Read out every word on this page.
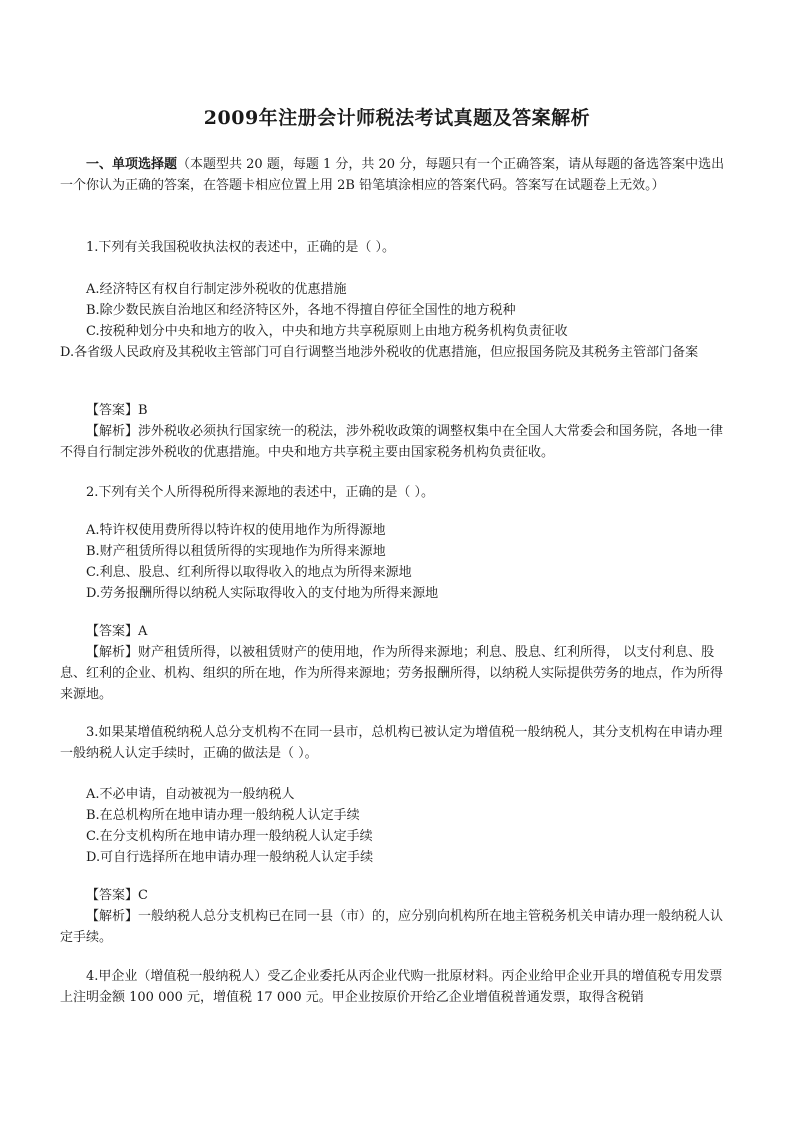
2009年注册会计师税法考试真题及答案解析

一、单项选择题（本题型共 20 题，每题 1 分，共 20 分，每题只有一个正确答案，请从每题的备选答案中选出一个你认为正确的答案，在答题卡相应位置上用 2B 铅笔填涂相应的答案代码。答案写在试题卷上无效。）

1.下列有关我国税收执法权的表述中，正确的是（ ）。

A.经济特区有权自行制定涉外税收的优惠措施
B.除少数民族自治地区和经济特区外，各地不得擅自停征全国性的地方税种
C.按税种划分中央和地方的收入，中央和地方共享税原则上由地方税务机构负责征收
D.各省级人民政府及其税收主管部门可自行调整当地涉外税收的优惠措施，但应报国务院及其税务主管部门备案

【答案】B

【解析】涉外税收必须执行国家统一的税法，涉外税收政策的调整权集中在全国人大常委会和国务院，各地一律不得自行制定涉外税收的优惠措施。中央和地方共享税主要由国家税务机构负责征收。

2.下列有关个人所得税所得来源地的表述中，正确的是（ ）。

A.特许权使用费所得以特许权的使用地作为所得源地
B.财产租赁所得以租赁所得的实现地作为所得来源地
C.利息、股息、红利所得以取得收入的地点为所得来源地
D.劳务报酬所得以纳税人实际取得收入的支付地为所得来源地

【答案】A

【解析】财产租赁所得，以被租赁财产的使用地，作为所得来源地；利息、股息、红利所得， 以支付利息、股息、红利的企业、机构、组织的所在地，作为所得来源地；劳务报酬所得，以纳税人实际提供劳务的地点，作为所得来源地。

3.如果某增值税纳税人总分支机构不在同一县市，总机构已被认定为增值税一般纳税人，其分支机构在申请办理一般纳税人认定手续时，正确的做法是（ ）。

A.不必申请，自动被视为一般纳税人
B.在总机构所在地申请办理一般纳税人认定手续
C.在分支机构所在地申请办理一般纳税人认定手续
D.可自行选择所在地申请办理一般纳税人认定手续

【答案】C

【解析】一般纳税人总分支机构已在同一县（市）的，应分别向机构所在地主管税务机关申请办理一般纳税人认定手续。

4.甲企业（增值税一般纳税人）受乙企业委托从丙企业代购一批原材料。丙企业给甲企业开具的增值税专用发票上注明金额 100 000 元，增值税 17 000 元。甲企业按原价开给乙企业增值税普通发票，取得含税销
